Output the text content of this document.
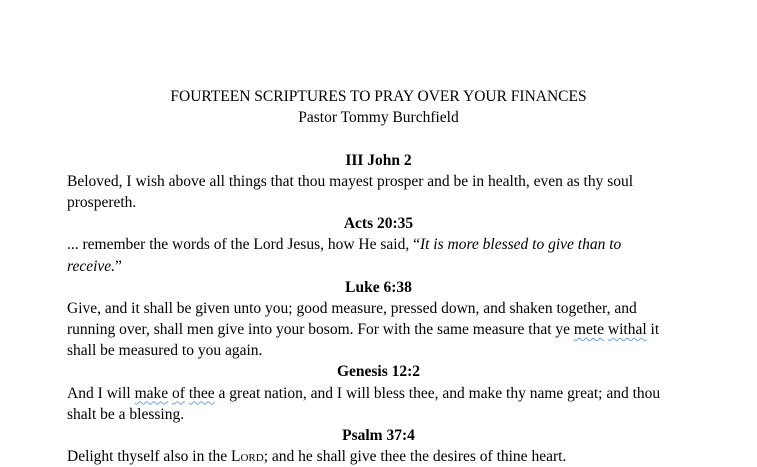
FOURTEEN SCRIPTURES TO PRAY OVER YOUR FINANCES
Pastor Tommy Burchfield
III John 2
Beloved, I wish above all things that thou mayest prosper and be in health, even as thy soul
prospereth.
Acts 20:35
... remember the words of the Lord Jesus, how He said, “It is more blessed to give than to
receive.”
Luke 6:38
Give, and it shall be given unto you; good measure, pressed down, and shaken together, and
running over, shall men give into your bosom. For with the same measure that ye mete withal it
shall be measured to you again.
Genesis 12:2
And I will make of thee a great nation, and I will bless thee, and make thy name great; and thou
shalt be a blessing.
Psalm 37:4
Delight thyself also in the Lord; and he shall give thee the desires of thine heart.
